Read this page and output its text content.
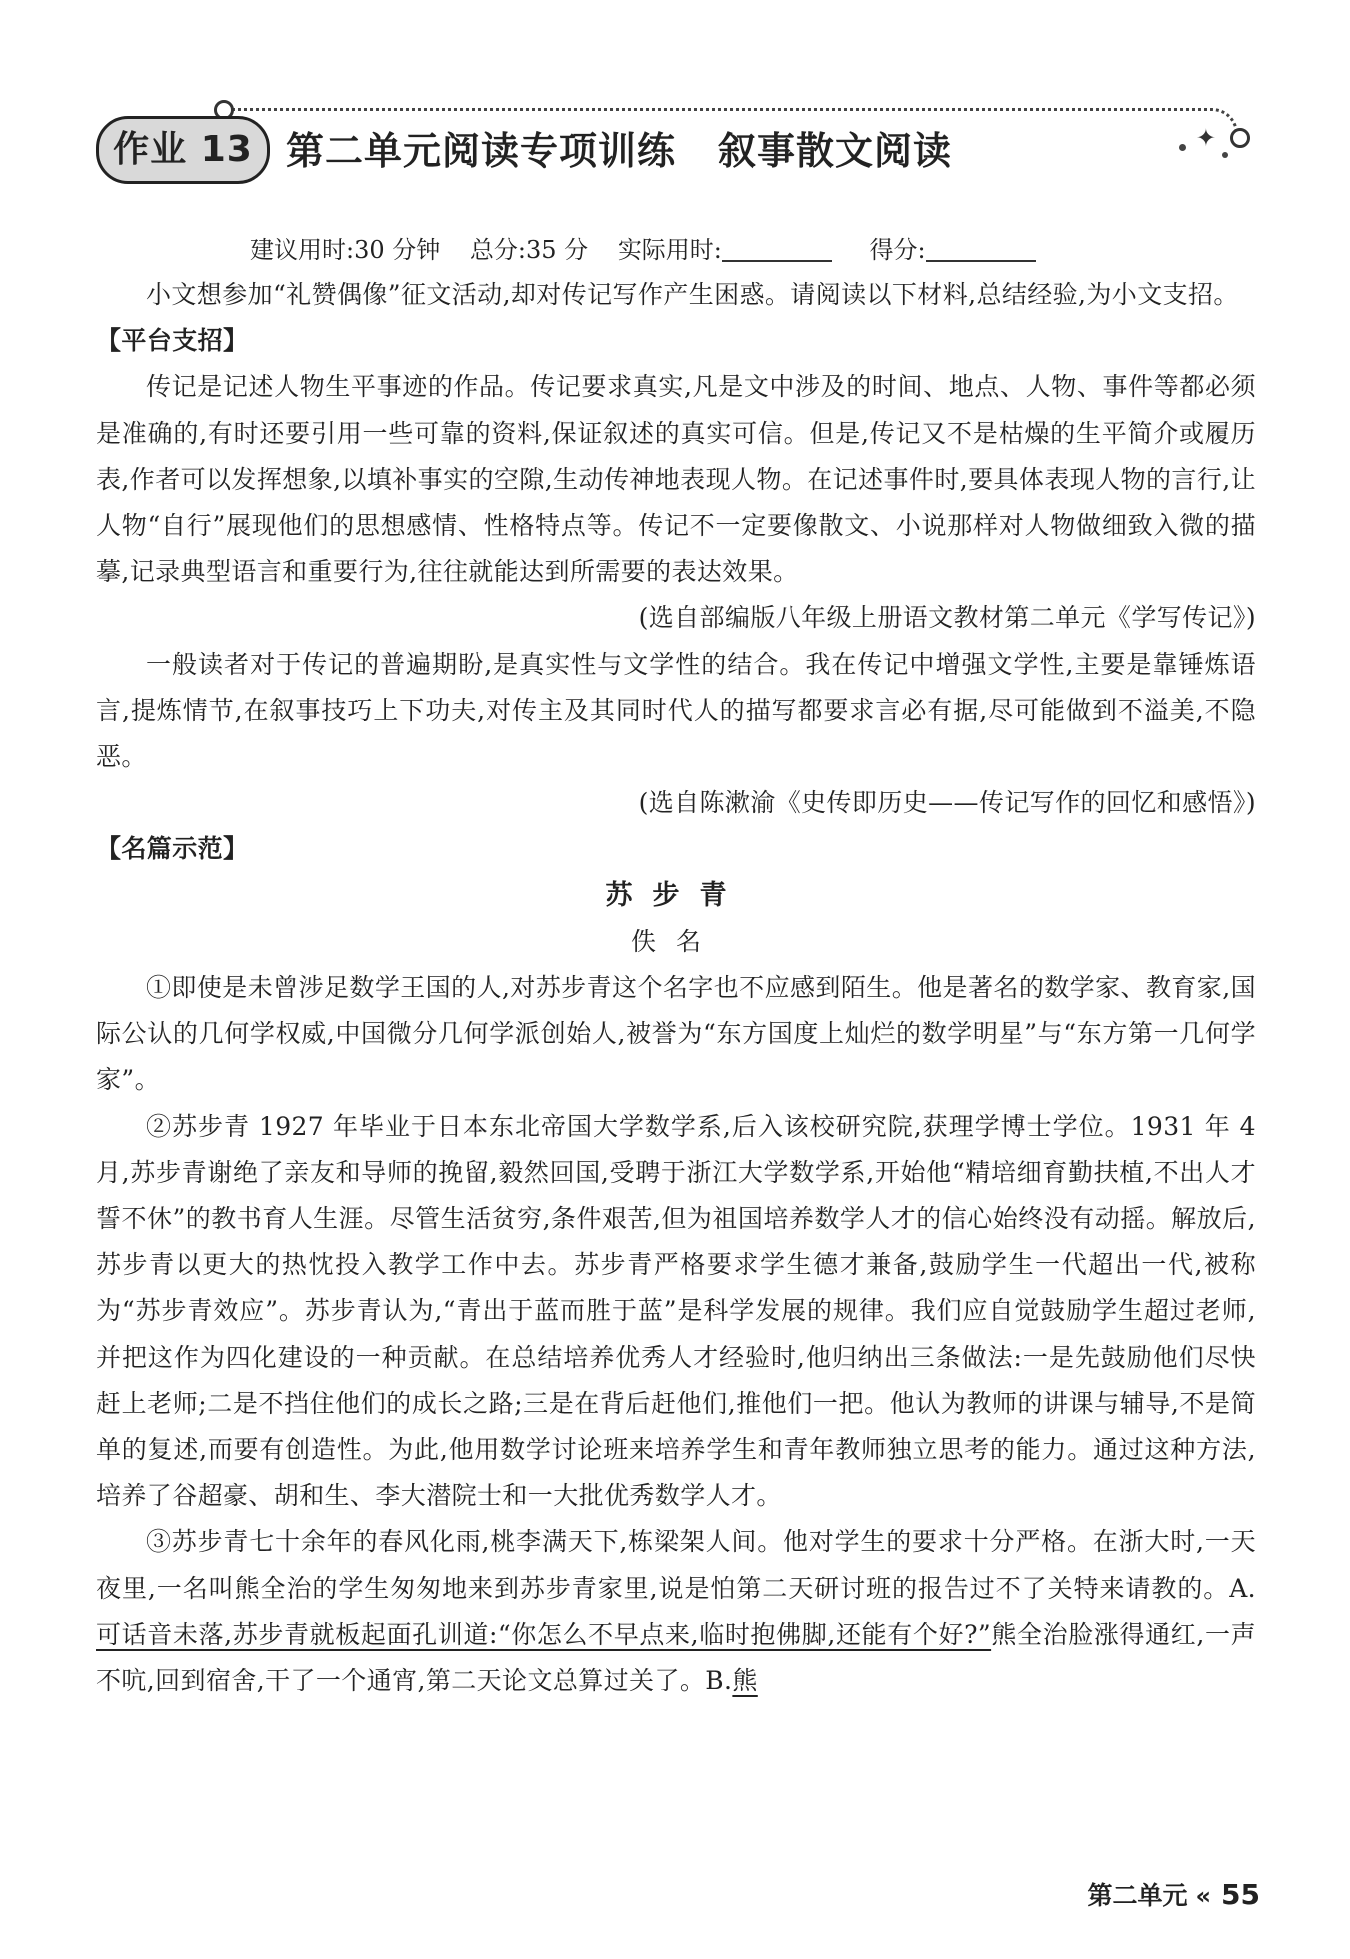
✦
作业 13 第二单元阅读专项训练 叙事散文阅读
建议用时:30 分钟 总分:35 分 实际用时:	得分:

小文想参加“礼赞偶像”征文活动,却对传记写作产生困惑。请阅读以下材料,总结经验,为小文支招。

【平台支招】

传记是记述人物生平事迹的作品。传记要求真实,凡是文中涉及的时间、地点、人物、事件等都必须是准确的,有时还要引用一些可靠的资料,保证叙述的真实可信。但是,传记又不是枯燥的生平简介或履历表,作者可以发挥想象,以填补事实的空隙,生动传神地表现人物。在记述事件时,要具体表现人物的言行,让人物“自行”展现他们的思想感情、性格特点等。传记不一定要像散文、小说那样对人物做细致入微的描摹,记录典型语言和重要行为,往往就能达到所需要的表达效果。

(选自部编版八年级上册语文教材第二单元《学写传记》)

一般读者对于传记的普遍期盼,是真实性与文学性的结合。我在传记中增强文学性,主要是靠锤炼语言,提炼情节,在叙事技巧上下功夫,对传主及其同时代人的描写都要求言必有据,尽可能做到不溢美,不隐恶。

(选自陈漱渝《史传即历史——传记写作的回忆和感悟》)

【名篇示范】

苏步青

佚名

①即使是未曾涉足数学王国的人,对苏步青这个名字也不应感到陌生。他是著名的数学家、教育家,国际公认的几何学权威,中国微分几何学派创始人,被誉为“东方国度上灿烂的数学明星”与“东方第一几何学家”。

②苏步青 1927 年毕业于日本东北帝国大学数学系,后入该校研究院,获理学博士学位。1931 年 4 月,苏步青谢绝了亲友和导师的挽留,毅然回国,受聘于浙江大学数学系,开始他“精培细育勤扶植,不出人才誓不休”的教书育人生涯。尽管生活贫穷,条件艰苦,但为祖国培养数学人才的信心始终没有动摇。解放后,苏步青以更大的热忱投入教学工作中去。苏步青严格要求学生德才兼备,鼓励学生一代超出一代,被称为“苏步青效应”。苏步青认为,“青出于蓝而胜于蓝”是科学发展的规律。我们应自觉鼓励学生超过老师,并把这作为四化建设的一种贡献。在总结培养优秀人才经验时,他归纳出三条做法:一是先鼓励他们尽快赶上老师;二是不挡住他们的成长之路;三是在背后赶他们,推他们一把。他认为教师的讲课与辅导,不是简单的复述,而要有创造性。为此,他用数学讨论班来培养学生和青年教师独立思考的能力。通过这种方法,培养了谷超豪、胡和生、李大潜院士和一大批优秀数学人才。

③苏步青七十余年的春风化雨,桃李满天下,栋梁架人间。他对学生的要求十分严格。在浙大时,一天夜里,一名叫熊全治的学生匆匆地来到苏步青家里,说是怕第二天研讨班的报告过不了关特来请教的。A.可话音未落,苏步青就板起面孔训道:“你怎么不早点来,临时抱佛脚,还能有个好?”熊全治脸涨得通红,一声不吭,回到宿舍,干了一个通宵,第二天论文总算过关了。B.熊

第二单元 « 55
